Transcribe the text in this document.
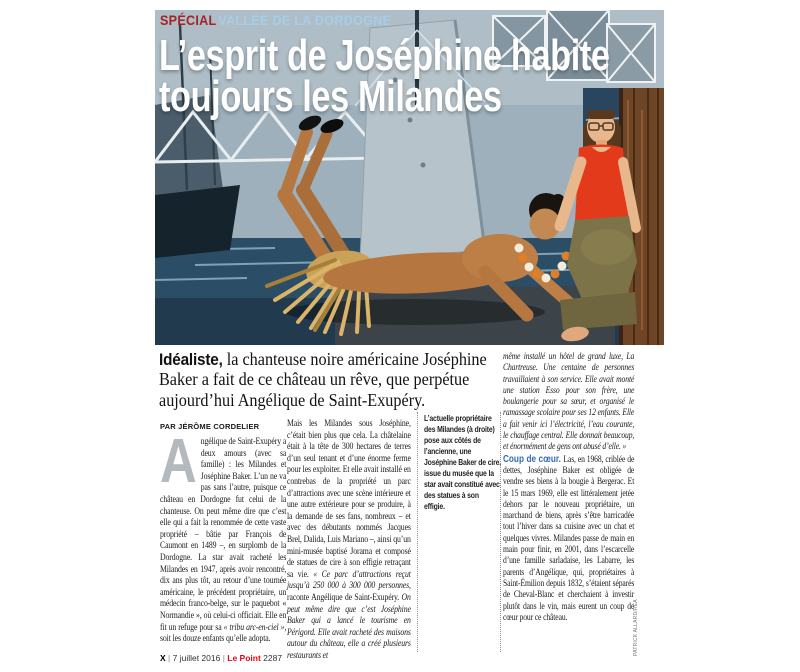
SPÉCIAL VALLÉE DE LA DORDOGNE
L’esprit de Joséphine habite
toujours les Milandes

Idéaliste, la chanteuse noire américaine Joséphine Baker a fait de ce château un rêve, que perpétue aujourd’hui Angélique de Saint-Exupéry.

PAR JÉRÔME CORDELIER
Angélique de Saint-Exupéry a deux amours (avec sa famille) : les Milandes et Joséphine Baker. L’un ne va pas sans l’autre, puisque ce château en Dordogne fut celui de la chanteuse. On peut même dire que c’est elle qui a fait la renommée de cette vaste propriété – bâtie par François de Caumont en 1489 –, en surplomb de la Dordogne. La star avait racheté les Milandes en 1947, après avoir rencontré, dix ans plus tôt, au retour d’une tournée américaine, le précédent propriétaire, un médecin franco-belge, sur le paquebot « Normandie », où celui-ci officiait. Elle en fit un refuge pour sa « tribu arc-en-ciel », soit les douze enfants qu’elle adopta.
Mais les Milandes sous Joséphine, c’était bien plus que cela. La châtelaine était à la tête de 300 hectares de terres d’un seul tenant et d’une énorme ferme pour les exploiter. Et elle avait installé en contrebas de la propriété un parc d’attractions avec une scène intérieure et une autre extérieure pour se produire, à la demande de ses fans, nombreux – et avec des débutants nommés Jacques Brel, Dalida, Luis Mariano –, ainsi qu’un mini-musée baptisé Jorama et composé de statues de cire à son effigie retraçant sa vie. « Ce parc d’attractions reçut jusqu’à 250 000 à 300 000 personnes, raconte Angélique de Saint-Exupéry. On peut même dire que c’est Joséphine Baker qui a lancé le tourisme en Périgord. Elle avait racheté des maisons autour du château, elle a créé plusieurs restaurants et
L’actuelle propriétaire des Milandes (à droite) pose aux côtés de l’ancienne, une Joséphine Baker de cire, issue du musée que la star avait constitué avec des statues à son effigie.

même installé un hôtel de grand luxe, La Chartreuse. Une centaine de personnes travaillaient à son service. Elle avait monté une station Esso pour son frère, une boulangerie pour sa sœur, et organisé le ramassage scolaire pour ses 12 enfants. Elle a fait venir ici l’électricité, l’eau courante, le chauffage central. Elle donnait beaucoup, et énormément de gens ont abusé d’elle. »

Coup de cœur. Las, en 1968, criblée de dettes, Joséphine Baker est obligée de vendre ses biens à la bougie à Bergerac. Et le 15 mars 1969, elle est littéralement jetée dehors par le nouveau propriétaire, un marchand de biens, après s’être barricadée tout l’hiver dans sa cuisine avec un chat et quelques vivres. Milandes passe de main en main pour finir, en 2001, dans l’escarcelle d’une famille sarladaise, les Labarre, les parents d’Angélique, qui, propriétaires à Saint-Émilion depuis 1832, s’étaient séparés de Cheval-Blanc et cherchaient à investir plutôt dans le vin, mais eurent un coup de cœur pour ce château.

X | 7 juillet 2016 | Le Point 2287
PATRICK ALLARD/RÉA
